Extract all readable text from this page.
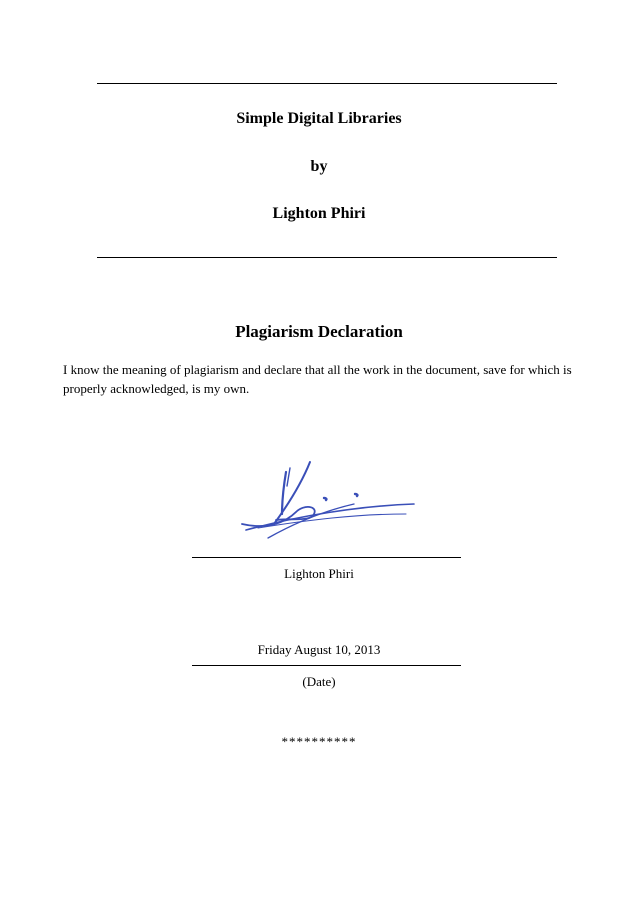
Simple Digital Libraries
by
Lighton Phiri
Plagiarism Declaration
I know the meaning of plagiarism and declare that all the work in the document, save for which is properly acknowledged, is my own.
Lighton Phiri
Friday August 10, 2013
(Date)
**********
